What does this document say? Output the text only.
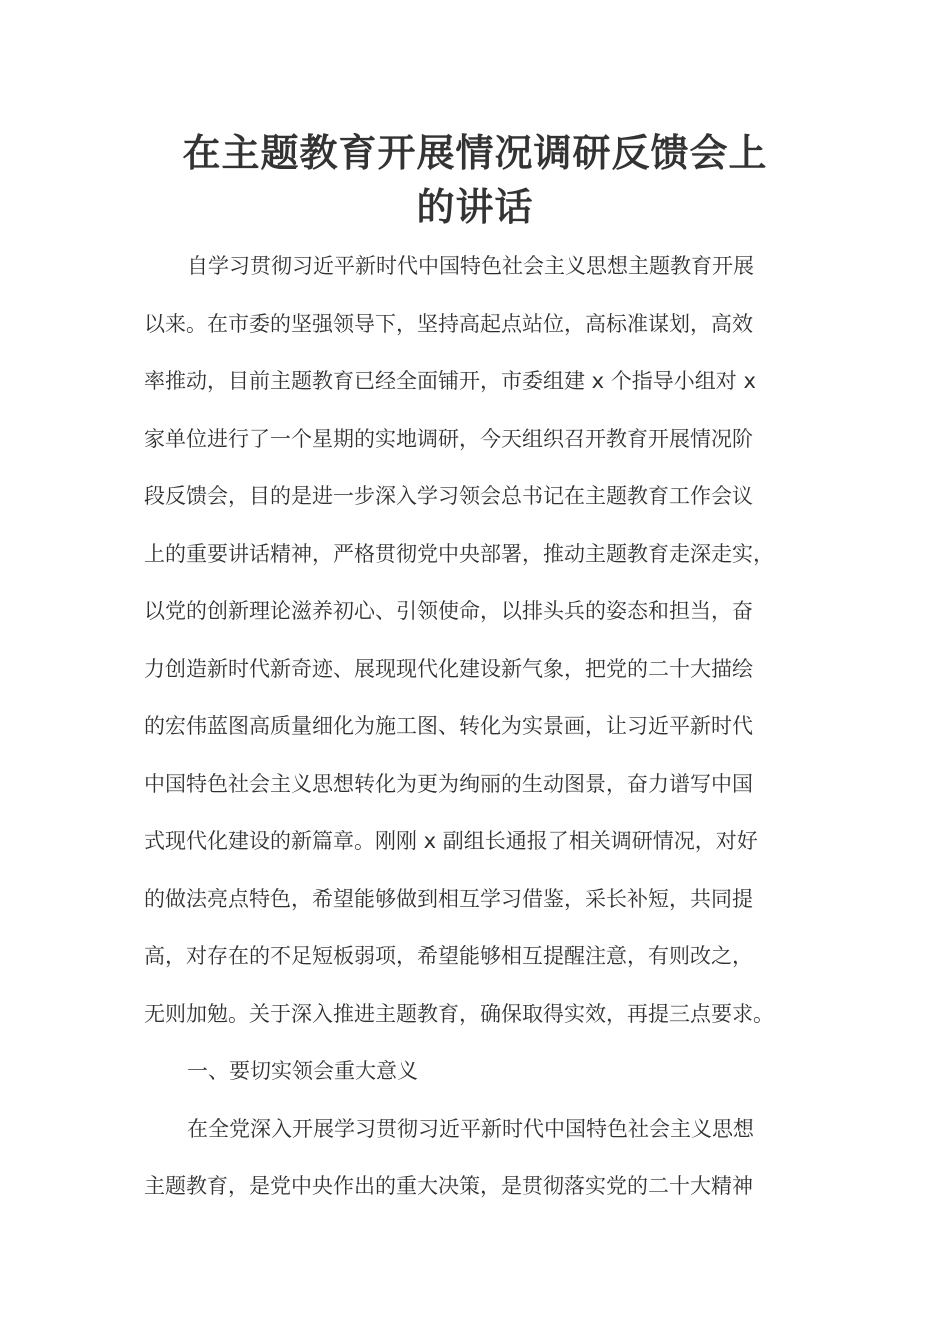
在主题教育开展情况调研反馈会上
的讲话
自学习贯彻习近平新时代中国特色社会主义思想主题教育开展
以来。在市委的坚强领导下，坚持高起点站位，高标准谋划，高效
率推动，目前主题教育已经全面铺开，市委组建 x 个指导小组对 x
家单位进行了一个星期的实地调研，今天组织召开教育开展情况阶
段反馈会，目的是进一步深入学习领会总书记在主题教育工作会议
上的重要讲话精神，严格贯彻党中央部署，推动主题教育走深走实，
以党的创新理论滋养初心、引领使命，以排头兵的姿态和担当，奋
力创造新时代新奇迹、展现现代化建设新气象，把党的二十大描绘
的宏伟蓝图高质量细化为施工图、转化为实景画，让习近平新时代
中国特色社会主义思想转化为更为绚丽的生动图景，奋力谱写中国
式现代化建设的新篇章。刚刚 x 副组长通报了相关调研情况，对好
的做法亮点特色，希望能够做到相互学习借鉴，采长补短，共同提
高，对存在的不足短板弱项，希望能够相互提醒注意，有则改之，
无则加勉。关于深入推进主题教育，确保取得实效，再提三点要求。
一、要切实领会重大意义
在全党深入开展学习贯彻习近平新时代中国特色社会主义思想
主题教育，是党中央作出的重大决策，是贯彻落实党的二十大精神
